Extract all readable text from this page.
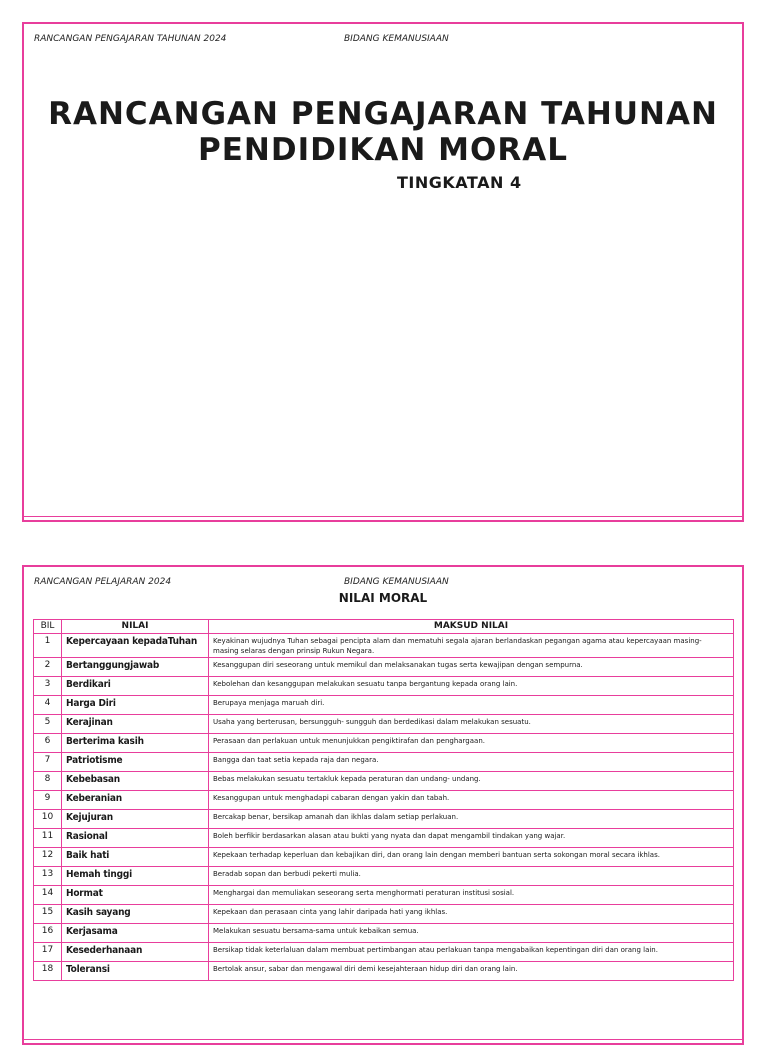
RANCANGAN PENGAJARAN TAHUNAN 2024	BIDANG KEMANUSIAAN
RANCANGAN PENGAJARAN TAHUNAN
PENDIDIKAN MORAL
TINGKATAN 4
RANCANGAN PELAJARAN 2024	BIDANG KEMANUSIAAN
NILAI MORAL
BIL	NILAI	MAKSUD NILAI
1	Kepercayaan kepadaTuhan	Keyakinan wujudnya Tuhan sebagai pencipta alam dan mematuhi segala ajaran berlandaskan pegangan agama atau kepercayaan masing- masing selaras dengan prinsip Rukun Negara.
2	Bertanggungjawab	Kesanggupan diri seseorang untuk memikul dan melaksanakan tugas serta kewajipan dengan sempurna.
3	Berdikari	Kebolehan dan kesanggupan melakukan sesuatu tanpa bergantung kepada orang lain.
4	Harga Diri	Berupaya menjaga maruah diri.
5	Kerajinan	Usaha yang berterusan, bersungguh- sungguh dan berdedikasi dalam melakukan sesuatu.
6	Berterima kasih	Perasaan dan perlakuan untuk menunjukkan pengiktirafan dan penghargaan.
7	Patriotisme	Bangga dan taat setia kepada raja dan negara.
8	Kebebasan	Bebas melakukan sesuatu tertakluk kepada peraturan dan undang- undang.
9	Keberanian	Kesanggupan untuk menghadapi cabaran dengan yakin dan tabah.
10	Kejujuran	Bercakap benar, bersikap amanah dan ikhlas dalam setiap perlakuan.
11	Rasional	Boleh berfikir berdasarkan alasan atau bukti yang nyata dan dapat mengambil tindakan yang wajar.
12	Baik hati	Kepekaan terhadap keperluan dan kebajikan diri, dan orang lain dengan memberi bantuan serta sokongan moral secara ikhlas.
13	Hemah tinggi	Beradab sopan dan berbudi pekerti mulia.
14	Hormat	Menghargai dan memuliakan seseorang serta menghormati peraturan institusi sosial.
15	Kasih sayang	Kepekaan dan perasaan cinta yang lahir daripada hati yang ikhlas.
16	Kerjasama	Melakukan sesuatu bersama-sama untuk kebaikan semua.
17	Kesederhanaan	Bersikap tidak keterlaluan dalam membuat pertimbangan atau perlakuan tanpa mengabaikan kepentingan diri dan orang lain.
18	Toleransi	Bertolak ansur, sabar dan mengawal diri demi kesejahteraan hidup diri dan orang lain.
